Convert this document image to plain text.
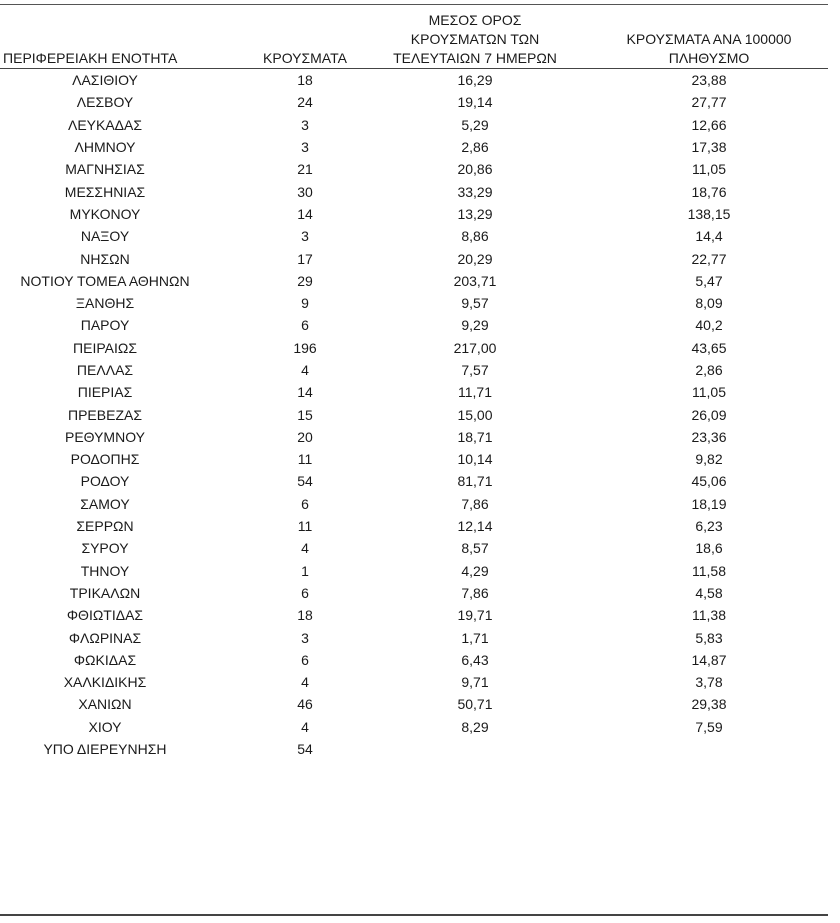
ΠΕΡΙΦΕΡΕΙΑΚΗ ΕΝΟΤΗΤΑ	ΚΡΟΥΣΜΑΤΑ	ΜΕΣΟΣ ΟΡΟΣ
ΚΡΟΥΣΜΑΤΩΝ ΤΩΝ
ΤΕΛΕΥΤΑΙΩΝ 7 ΗΜΕΡΩΝ	ΚΡΟΥΣΜΑΤΑ ΑΝΑ 100000
ΠΛΗΘΥΣΜΟ

ΛΑΣΙΘΙΟΥ	18	16,29	23,88
ΛΕΣΒΟΥ	24	19,14	27,77
ΛΕΥΚΑΔΑΣ	3	5,29	12,66
ΛΗΜΝΟΥ	3	2,86	17,38
ΜΑΓΝΗΣΙΑΣ	21	20,86	11,05
ΜΕΣΣΗΝΙΑΣ	30	33,29	18,76
ΜΥΚΟΝΟΥ	14	13,29	138,15
ΝΑΞΟΥ	3	8,86	14,4
ΝΗΣΩΝ	17	20,29	22,77
ΝΟΤΙΟΥ ΤΟΜΕΑ ΑΘΗΝΩΝ	29	203,71	5,47
ΞΑΝΘΗΣ	9	9,57	8,09
ΠΑΡΟΥ	6	9,29	40,2
ΠΕΙΡΑΙΩΣ	196	217,00	43,65
ΠΕΛΛΑΣ	4	7,57	2,86
ΠΙΕΡΙΑΣ	14	11,71	11,05
ΠΡΕΒΕΖΑΣ	15	15,00	26,09
ΡΕΘΥΜΝΟΥ	20	18,71	23,36
ΡΟΔΟΠΗΣ	11	10,14	9,82
ΡΟΔΟΥ	54	81,71	45,06
ΣΑΜΟΥ	6	7,86	18,19
ΣΕΡΡΩΝ	11	12,14	6,23
ΣΥΡΟΥ	4	8,57	18,6
ΤΗΝΟΥ	1	4,29	11,58
ΤΡΙΚΑΛΩΝ	6	7,86	4,58
ΦΘΙΩΤΙΔΑΣ	18	19,71	11,38
ΦΛΩΡΙΝΑΣ	3	1,71	5,83
ΦΩΚΙΔΑΣ	6	6,43	14,87
ΧΑΛΚΙΔΙΚΗΣ	4	9,71	3,78
ΧΑΝΙΩΝ	46	50,71	29,38
ΧΙΟΥ	4	8,29	7,59
ΥΠΟ ΔΙΕΡΕΥΝΗΣΗ	54		
